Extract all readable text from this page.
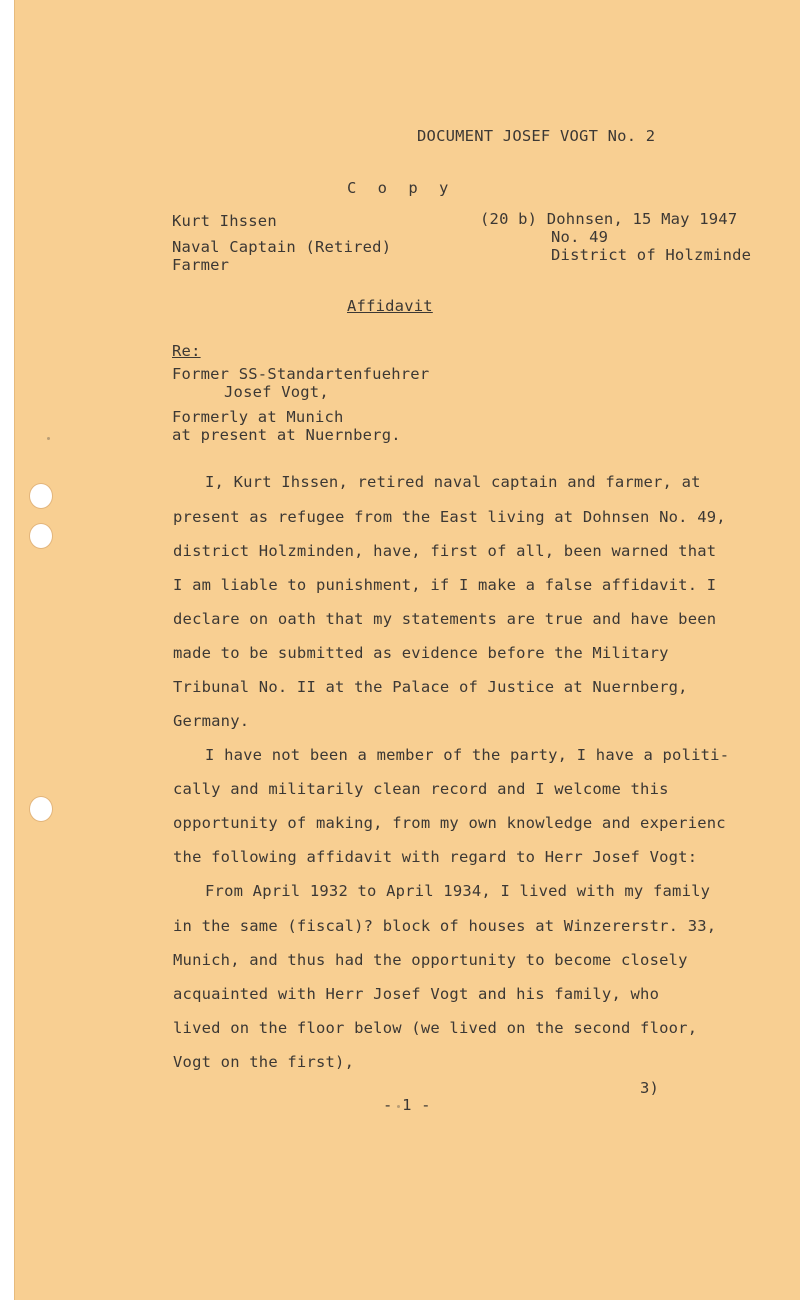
DOCUMENT JOSEF VOGT No. 2
C o p y
Kurt Ihssen
Naval Captain (Retired)
Farmer
(20 b) Dohnsen, 15 May 1947
No. 49
District of Holzminde
Affidavit
Re:
Former SS-Standartenfuehrer
Josef Vogt,
Formerly at Munich
at present at Nuernberg.
I, Kurt Ihssen, retired naval captain and farmer, at
present as refugee from the East living at Dohnsen No. 49,
district Holzminden, have, first of all, been warned that
I am liable to punishment, if I make a false affidavit. I
declare on oath that my statements are true and have been
made to be submitted as evidence before the Military
Tribunal No. II at the Palace of Justice at Nuernberg,
Germany.
I have not been a member of the party, I have a politi-
cally and militarily clean record and I welcome this
opportunity of making, from my own knowledge and experienc
the following affidavit with regard to Herr Josef Vogt:
From April 1932 to April 1934, I lived with my family
in the same (fiscal)? block of houses at Winzererstr. 33,
Munich, and thus had the opportunity to become closely
acquainted with Herr Josef Vogt and his family, who
lived on the floor below (we lived on the second floor,
Vogt on the first),
3)
- 1 -
